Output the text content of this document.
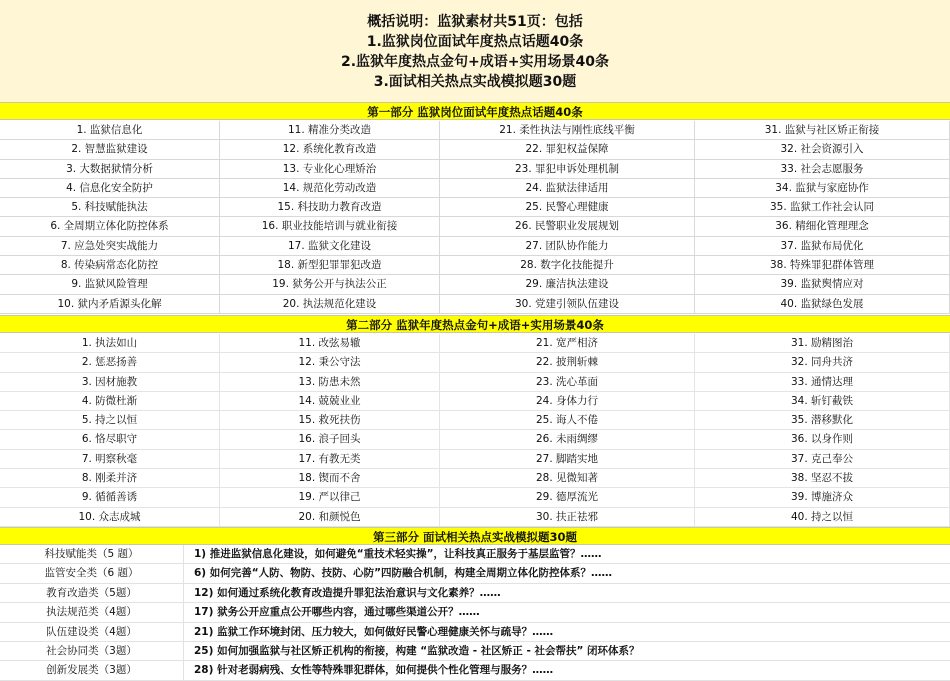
概括说明：监狱素材共51页：包括
1.监狱岗位面试年度热点话题40条
2.监狱年度热点金句+成语+实用场景40条
3.面试相关热点实战模拟题30题
第一部分 监狱岗位面试年度热点话题40条
1. 监狱信息化	11. 精准分类改造	21. 柔性执法与刚性底线平衡	31. 监狱与社区矫正衔接
2. 智慧监狱建设	12. 系统化教育改造	22. 罪犯权益保障	32. 社会资源引入
3. 大数据狱情分析	13. 专业化心理矫治	23. 罪犯申诉处理机制	33. 社会志愿服务
4. 信息化安全防护	14. 规范化劳动改造	24. 监狱法律适用	34. 监狱与家庭协作
5. 科技赋能执法	15. 科技助力教育改造	25. 民警心理健康	35. 监狱工作社会认同
6. 全周期立体化防控体系	16. 职业技能培训与就业衔接	26. 民警职业发展规划	36. 精细化管理理念
7. 应急处突实战能力	17. 监狱文化建设	27. 团队协作能力	37. 监狱布局优化
8. 传染病常态化防控	18. 新型犯罪罪犯改造	28. 数字化技能提升	38. 特殊罪犯群体管理
9. 监狱风险管理	19. 狱务公开与执法公正	29. 廉洁执法建设	39. 监狱舆情应对
10. 狱内矛盾源头化解	20. 执法规范化建设	30. 党建引领队伍建设	40. 监狱绿色发展
第二部分 监狱年度热点金句+成语+实用场景40条
1. 执法如山	11. 改弦易辙	21. 宽严相济	31. 励精图治
2. 惩恶扬善	12. 秉公守法	22. 披荆斩棘	32. 同舟共济
3. 因材施教	13. 防患未然	23. 洗心革面	33. 通情达理
4. 防微杜渐	14. 兢兢业业	24. 身体力行	34. 斩钉截铁
5. 持之以恒	15. 救死扶伤	25. 诲人不倦	35. 潜移默化
6. 恪尽职守	16. 浪子回头	26. 未雨绸缪	36. 以身作则
7. 明察秋毫	17. 有教无类	27. 脚踏实地	37. 克己奉公
8. 刚柔并济	18. 锲而不舍	28. 见微知著	38. 坚忍不拔
9. 循循善诱	19. 严以律己	29. 德厚流光	39. 博施济众
10. 众志成城	20. 和颜悦色	30. 扶正祛邪	40. 持之以恒
第三部分 面试相关热点实战模拟题30题
科技赋能类（5 题）	1) 推进监狱信息化建设，如何避免“重技术轻实操”，让科技真正服务于基层监管？……
监管安全类（6 题）	6) 如何完善“人防、物防、技防、心防”四防融合机制，构建全周期立体化防控体系？……
教育改造类（5题）	12) 如何通过系统化教育改造提升罪犯法治意识与文化素养？……
执法规范类（4题）	17) 狱务公开应重点公开哪些内容，通过哪些渠道公开？……
队伍建设类（4题）	21) 监狱工作环境封闭、压力较大，如何做好民警心理健康关怀与疏导？……
社会协同类（3题）	25) 如何加强监狱与社区矫正机构的衔接，构建 “监狱改造 - 社区矫正 - 社会帮扶” 闭环体系？
创新发展类（3题）	28) 针对老弱病残、女性等特殊罪犯群体，如何提供个性化管理与服务？……
